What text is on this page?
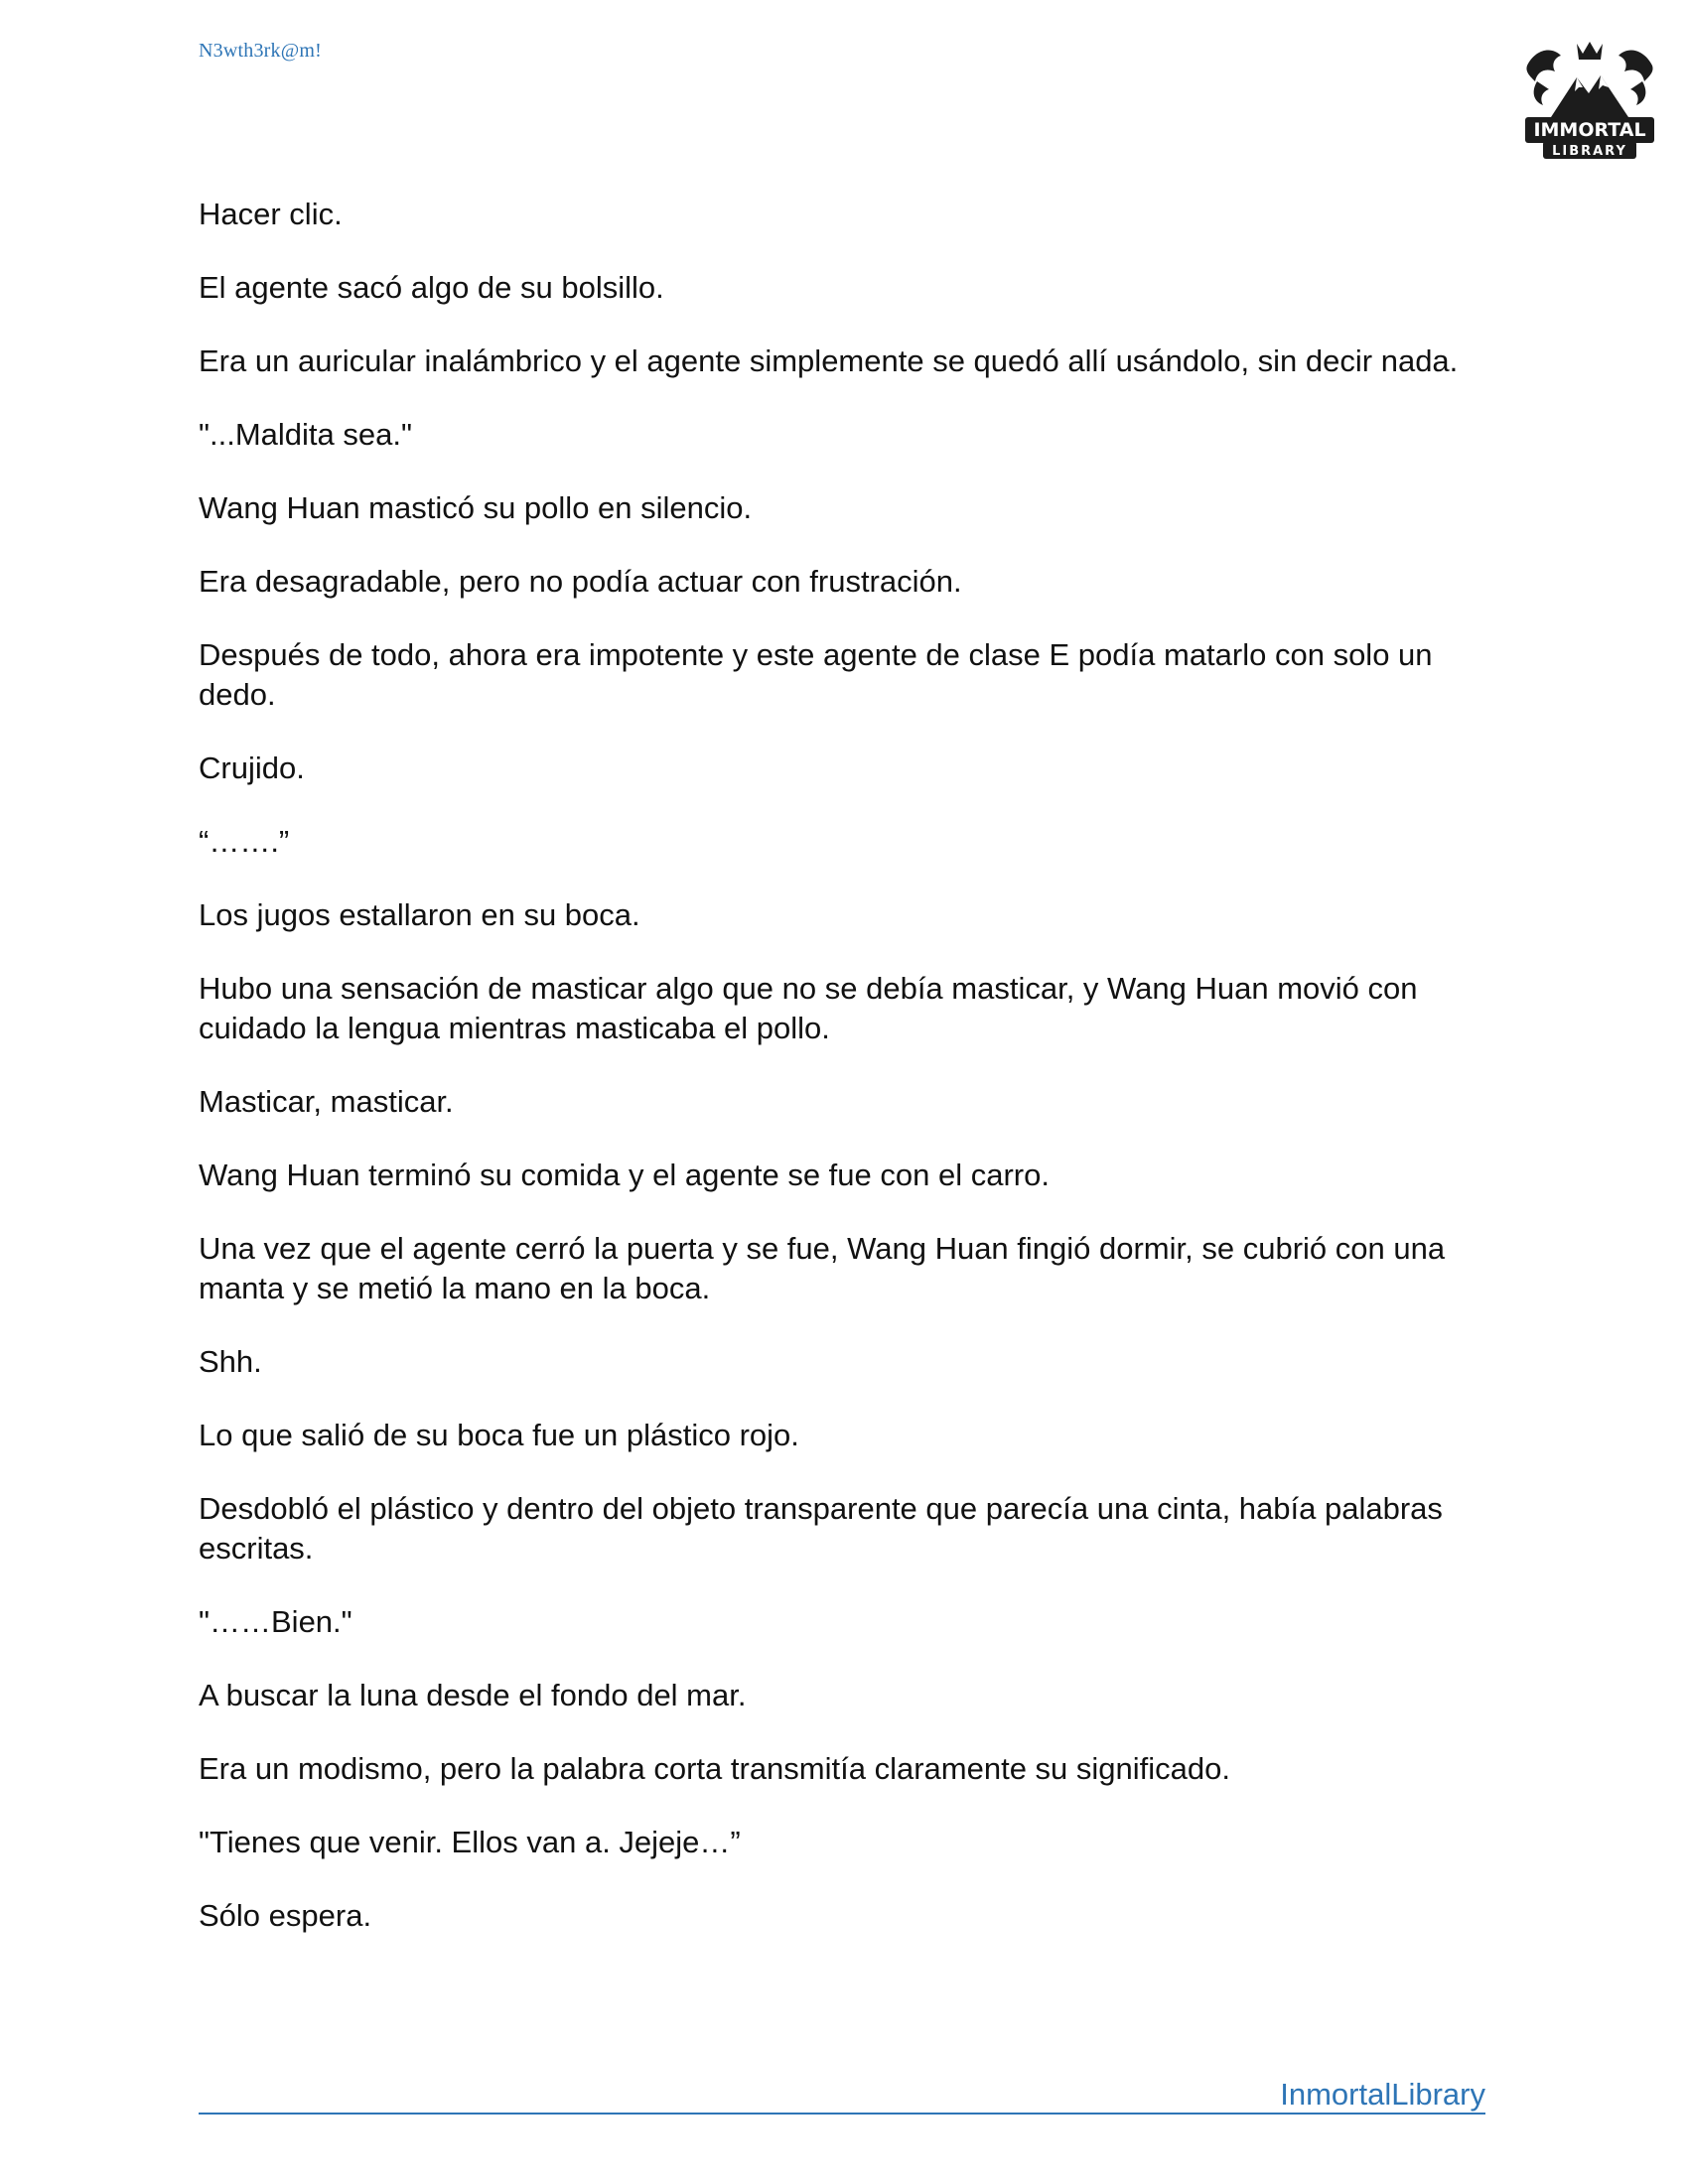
N3wth3rk@m!
IMMORTAL
LIBRARY

Hacer clic.

El agente sacó algo de su bolsillo.

Era un auricular inalámbrico y el agente simplemente se quedó allí usándolo, sin decir nada.

"...Maldita sea."

Wang Huan masticó su pollo en silencio.

Era desagradable, pero no podía actuar con frustración.

Después de todo, ahora era impotente y este agente de clase E podía matarlo con solo un dedo.

Crujido.

“…….”

Los jugos estallaron en su boca.

Hubo una sensación de masticar algo que no se debía masticar, y Wang Huan movió con cuidado la lengua mientras masticaba el pollo.

Masticar, masticar.

Wang Huan terminó su comida y el agente se fue con el carro.

Una vez que el agente cerró la puerta y se fue, Wang Huan fingió dormir, se cubrió con una manta y se metió la mano en la boca.

Shh.

Lo que salió de su boca fue un plástico rojo.

Desdobló el plástico y dentro del objeto transparente que parecía una cinta, había palabras escritas.

"……Bien."

A buscar la luna desde el fondo del mar.

Era un modismo, pero la palabra corta transmitía claramente su significado.

"Tienes que venir. Ellos van a. Jejeje…”

Sólo espera.

InmortalLibrary
